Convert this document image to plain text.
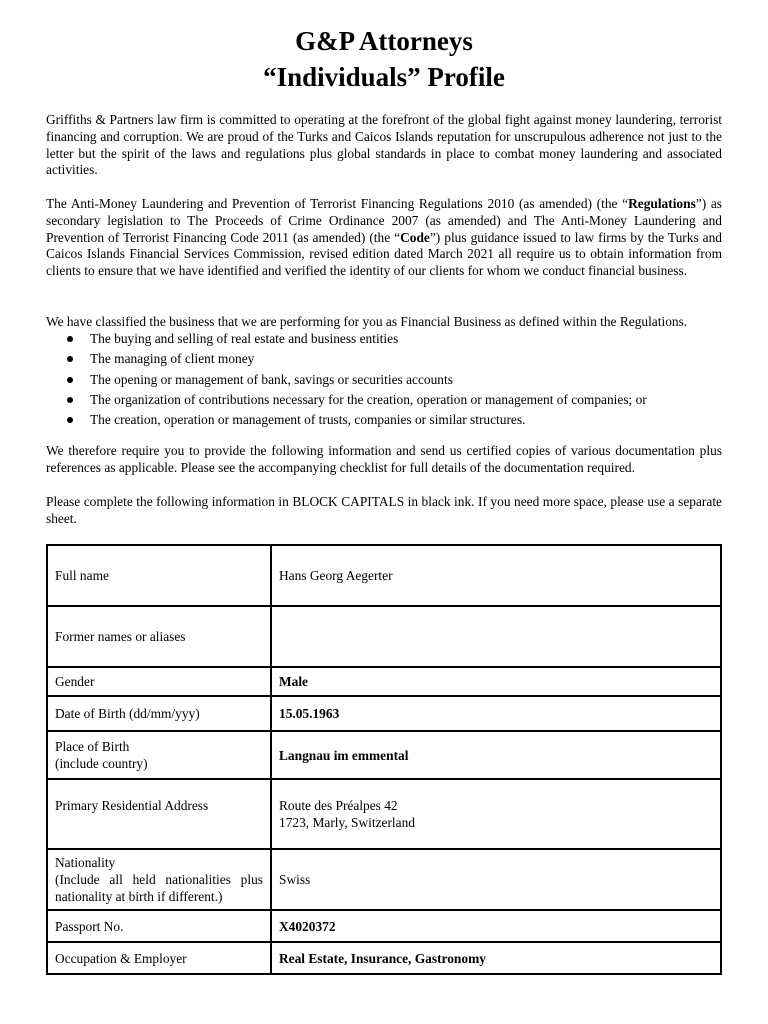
G&P Attorneys
“Individuals” Profile

Griffiths & Partners law firm is committed to operating at the forefront of the global fight against money laundering, terrorist financing and corruption. We are proud of the Turks and Caicos Islands reputation for unscrupulous adherence not just to the letter but the spirit of the laws and regulations plus global standards in place to combat money laundering and associated activities.

The Anti-Money Laundering and Prevention of Terrorist Financing Regulations 2010 (as amended) (the “Regulations”) as secondary legislation to The Proceeds of Crime Ordinance 2007 (as amended) and The Anti-Money Laundering and Prevention of Terrorist Financing Code 2011 (as amended) (the “Code”) plus guidance issued to law firms by the Turks and Caicos Islands Financial Services Commission, revised edition dated March 2021 all require us to obtain information from clients to ensure that we have identified and verified the identity of our clients for whom we conduct financial business.

We have classified the business that we are performing for you as Financial Business as defined within the Regulations.

The buying and selling of real estate and business entities
The managing of client money
The opening or management of bank, savings or securities accounts
The organization of contributions necessary for the creation, operation or management of companies; or
The creation, operation or management of trusts, companies or similar structures.

We therefore require you to provide the following information and send us certified copies of various documentation plus references as applicable. Please see the accompanying checklist for full details of the documentation required.

Please complete the following information in BLOCK CAPITALS in black ink. If you need more space, please use a separate sheet.

Full name	Hans Georg Aegerter
Former names or aliases	
Gender	Male
Date of Birth (dd/mm/yyy)	15.05.1963
Place of Birth
(include country)	Langnau im emmental
Primary Residential Address	Route des Préalpes 42
1723, Marly, Switzerland
Nationality
(Include all held nationalities plus nationality at birth if different.)	Swiss
Passport No.	X4020372
Occupation & Employer	Real Estate, Insurance, Gastronomy
